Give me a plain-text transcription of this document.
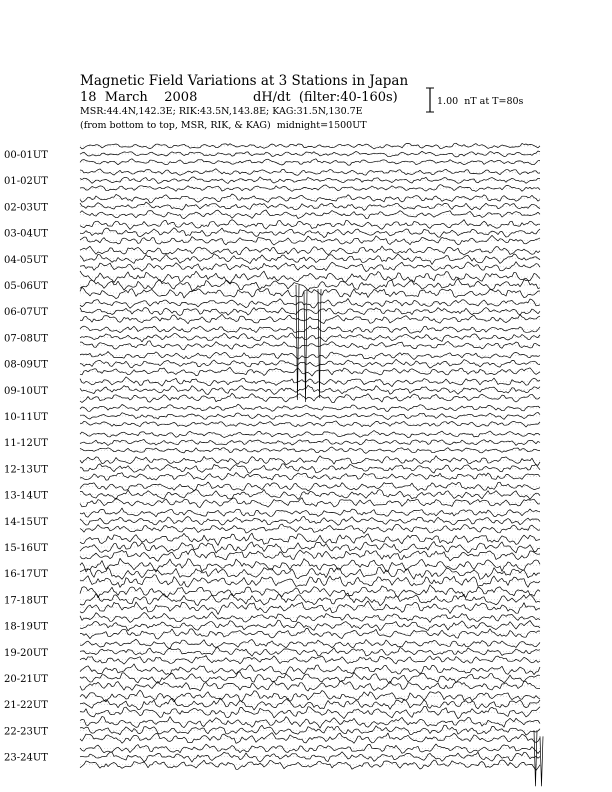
Magnetic Field Variations at 3 Stations in Japan
18  March    2008	dH/dt  (filter:40-160s)
MSR:44.4N,142.3E; RIK:43.5N,143.8E; KAG:31.5N,130.7E
(from bottom to top, MSR, RIK, & KAG)  midnight=1500UT
1.00  nT at T=80s
00-01UT
01-02UT
02-03UT
03-04UT
04-05UT
05-06UT
06-07UT
07-08UT
08-09UT
09-10UT
10-11UT
11-12UT
12-13UT
13-14UT
14-15UT
15-16UT
16-17UT
17-18UT
18-19UT
19-20UT
20-21UT
21-22UT
22-23UT
23-24UT
